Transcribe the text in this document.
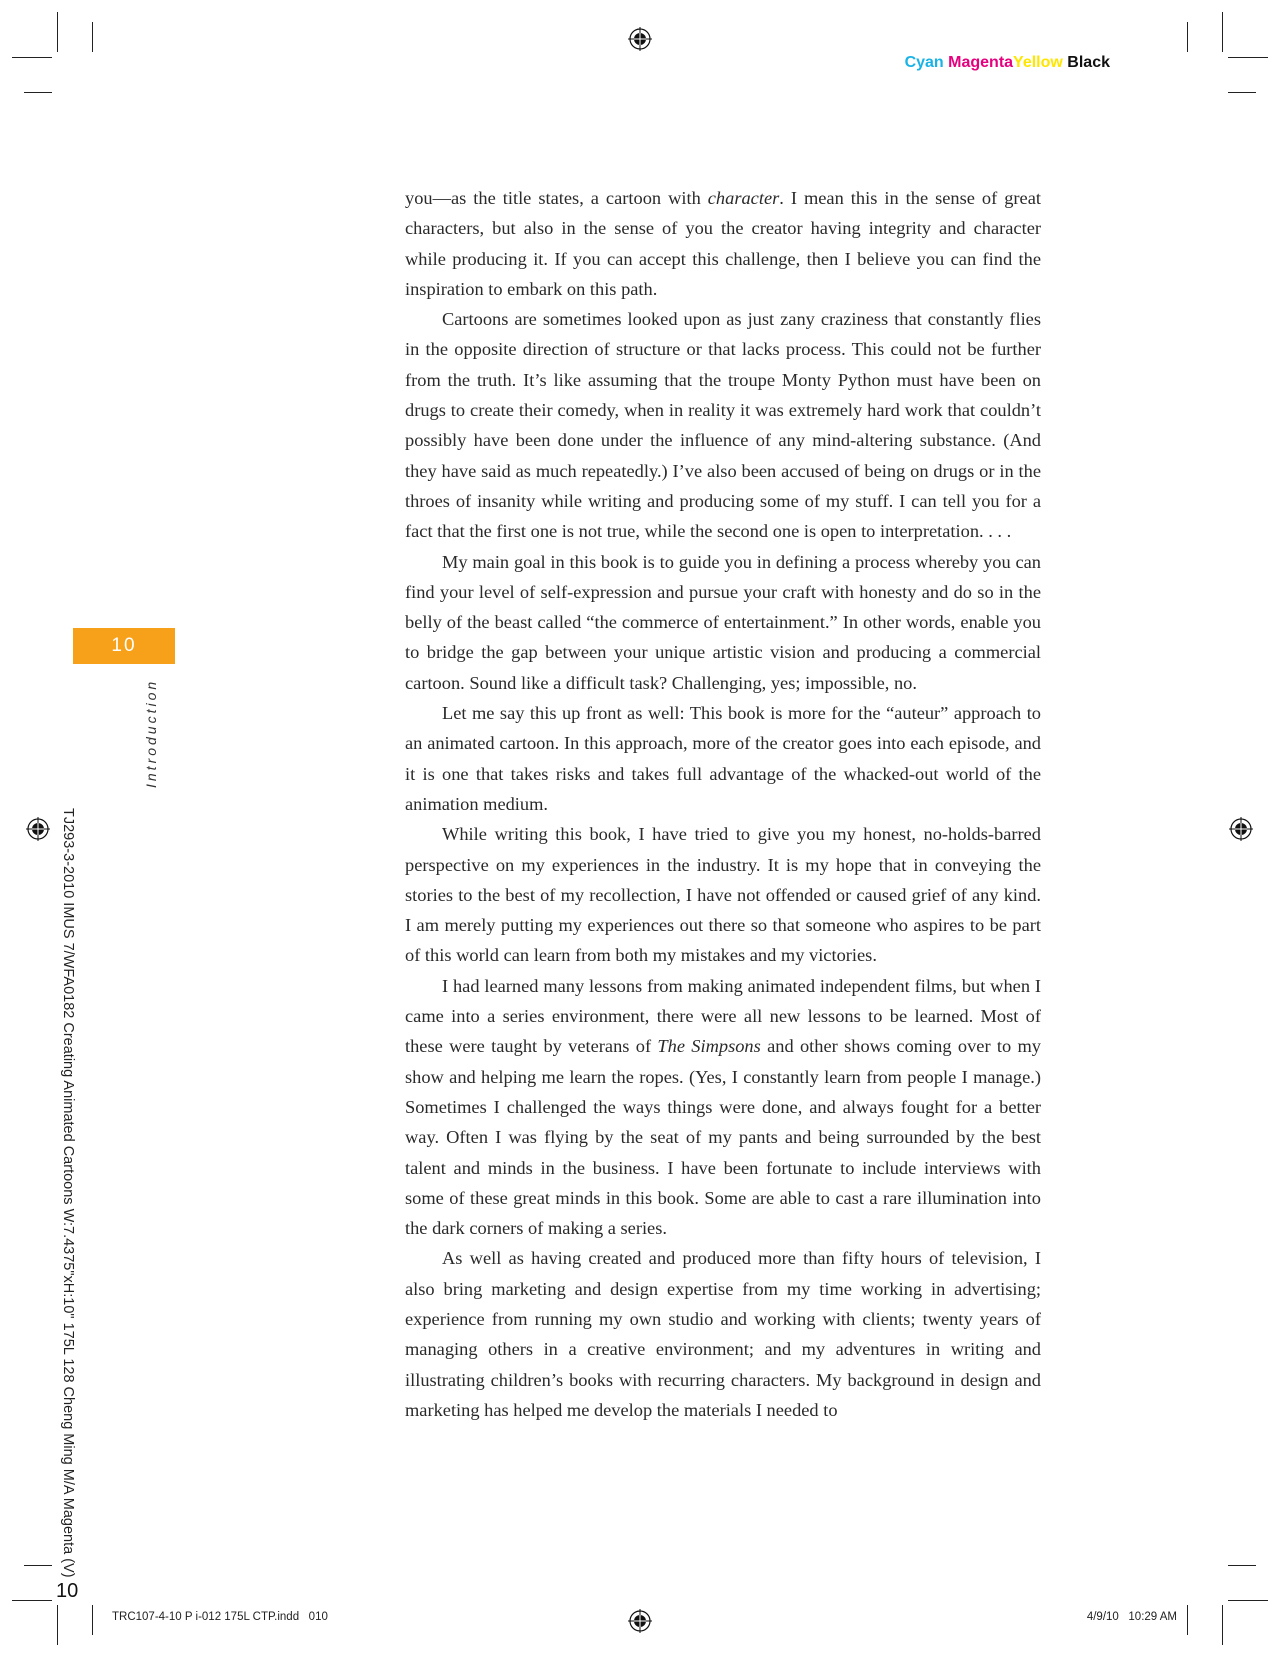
Cyan MagentaYellow Black
10
Introduction
TJ293-3-2010 IMUS 7/WFA0182 Creating Animated Cartoons W:7.4375"xH:10" 175L 128 Cheng Ming M/A Magenta (V)

you—as the title states, a cartoon with character. I mean this in the sense of great characters, but also in the sense of you the creator having integrity and character while producing it. If you can accept this challenge, then I believe you can find the inspiration to embark on this path.

Cartoons are sometimes looked upon as just zany craziness that constantly flies in the opposite direction of structure or that lacks process. This could not be further from the truth. It’s like assuming that the troupe Monty Python must have been on drugs to create their comedy, when in reality it was extremely hard work that couldn’t possibly have been done under the influence of any mind-altering substance. (And they have said as much repeatedly.) I’ve also been accused of being on drugs or in the throes of insanity while writing and producing some of my stuff. I can tell you for a fact that the first one is not true, while the second one is open to interpretation. . . .

My main goal in this book is to guide you in defining a process whereby you can find your level of self-expression and pursue your craft with honesty and do so in the belly of the beast called “the commerce of entertainment.” In other words, enable you to bridge the gap between your unique artistic vision and producing a commercial cartoon. Sound like a difficult task? Challenging, yes; impossible, no.

Let me say this up front as well: This book is more for the “auteur” approach to an animated cartoon. In this approach, more of the creator goes into each episode, and it is one that takes risks and takes full advantage of the whacked-out world of the animation medium.

While writing this book, I have tried to give you my honest, no-holds-barred perspective on my experiences in the industry. It is my hope that in conveying the stories to the best of my recollection, I have not offended or caused grief of any kind. I am merely putting my experiences out there so that someone who aspires to be part of this world can learn from both my mistakes and my victories.

I had learned many lessons from making animated independent films, but when I came into a series environment, there were all new lessons to be learned. Most of these were taught by veterans of The Simpsons and other shows coming over to my show and helping me learn the ropes. (Yes, I constantly learn from people I manage.) Sometimes I challenged the ways things were done, and always fought for a better way. Often I was flying by the seat of my pants and being surrounded by the best talent and minds in the business. I have been fortunate to include interviews with some of these great minds in this book. Some are able to cast a rare illumination into the dark corners of making a series.

As well as having created and produced more than fifty hours of television, I also bring marketing and design expertise from my time working in advertising; experience from running my own studio and working with clients; twenty years of managing others in a creative environment; and my adventures in writing and illustrating children’s books with recurring characters. My background in design and marketing has helped me develop the materials I needed to

10
TRC107-4-10 P i-012 175L CTP.indd   010	4/9/10   10:29 AM
